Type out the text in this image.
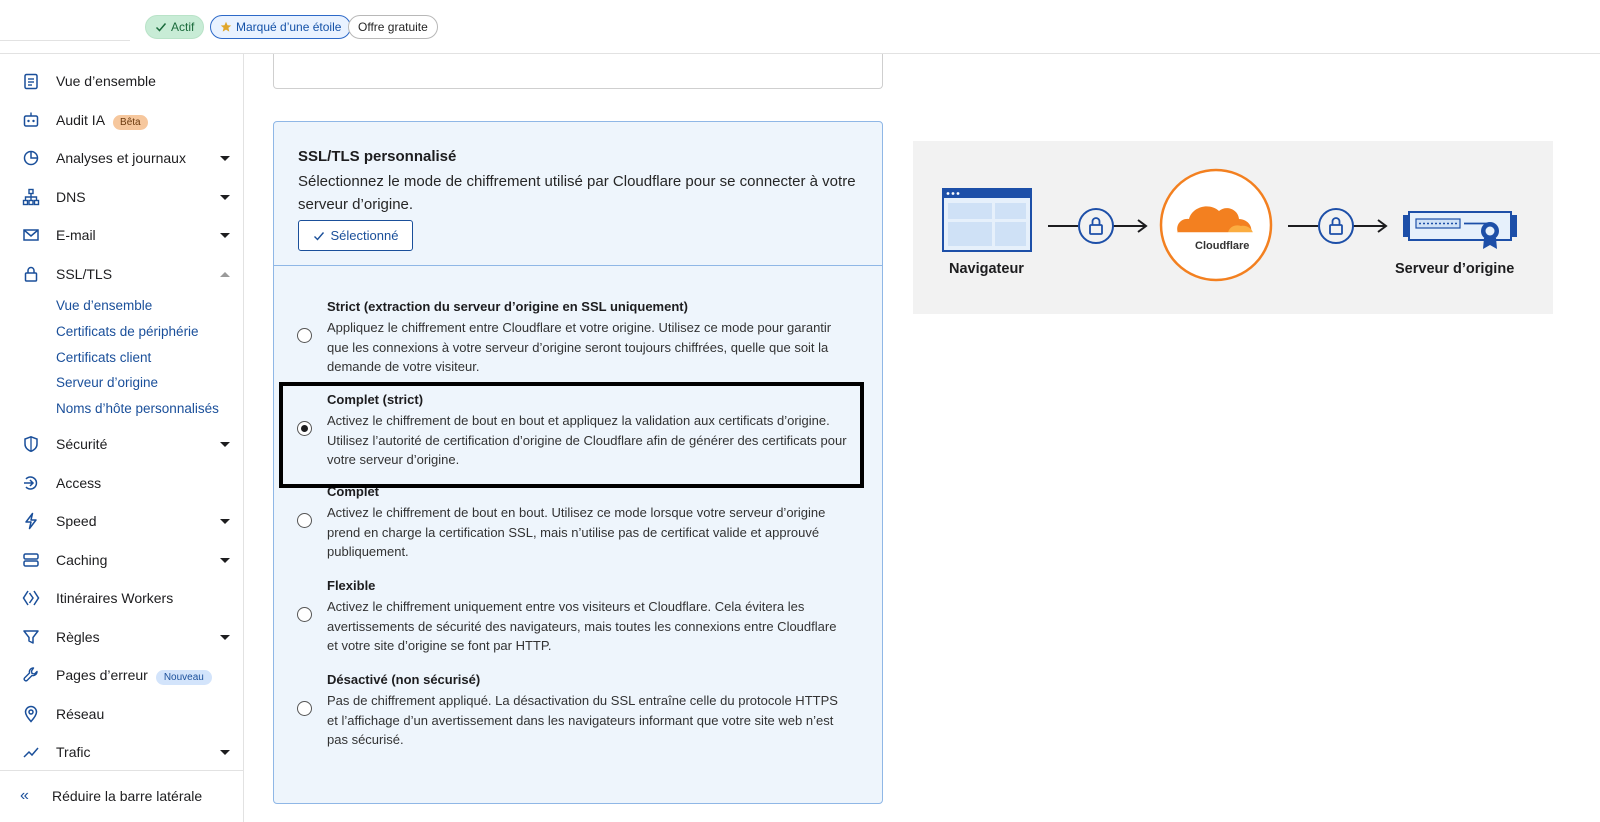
Actif	Marqué d’une étoile Offre gratuite
Vue d’ensemble
Audit IA Bêta
Analyses et journaux
DNS
E-mail
SSL/TLS
Vue d’ensemble
Certificats de périphérie
Certificats client
Serveur d’origine
Noms d’hôte personnalisés
Sécurité
Access
Speed
Caching
Itinéraires Workers
Règles
Pages d’erreur Nouveau
Réseau
Trafic
« Réduire la barre latérale
SSL/TLS personnalisé
Sélectionnez le mode de chiffrement utilisé par Cloudflare pour se connecter à votre serveur d’origine.
Sélectionné
Strict (extraction du serveur d’origine en SSL uniquement)
Appliquez le chiffrement entre Cloudflare et votre origine. Utilisez ce mode pour garantir que les connexions à votre serveur d’origine seront toujours chiffrées, quelle que soit la demande de votre visiteur.
Complet (strict)
Activez le chiffrement de bout en bout et appliquez la validation aux certificats d’origine. Utilisez l’autorité de certification d’origine de Cloudflare afin de générer des certificats pour votre serveur d’origine.
Complet
Activez le chiffrement de bout en bout. Utilisez ce mode lorsque votre serveur d’origine prend en charge la certification SSL, mais n’utilise pas de certificat valide et approuvé publiquement.
Flexible
Activez le chiffrement uniquement entre vos visiteurs et Cloudflare. Cela évitera les avertissements de sécurité des navigateurs, mais toutes les connexions entre Cloudflare et votre site d’origine se font par HTTP.
Désactivé (non sécurisé)
Pas de chiffrement appliqué. La désactivation du SSL entraîne celle du protocole HTTPS et l’affichage d’un avertissement dans les navigateurs informant que votre site web n’est pas sécurisé.
Navigateur
Cloudflare
Serveur d’origine
